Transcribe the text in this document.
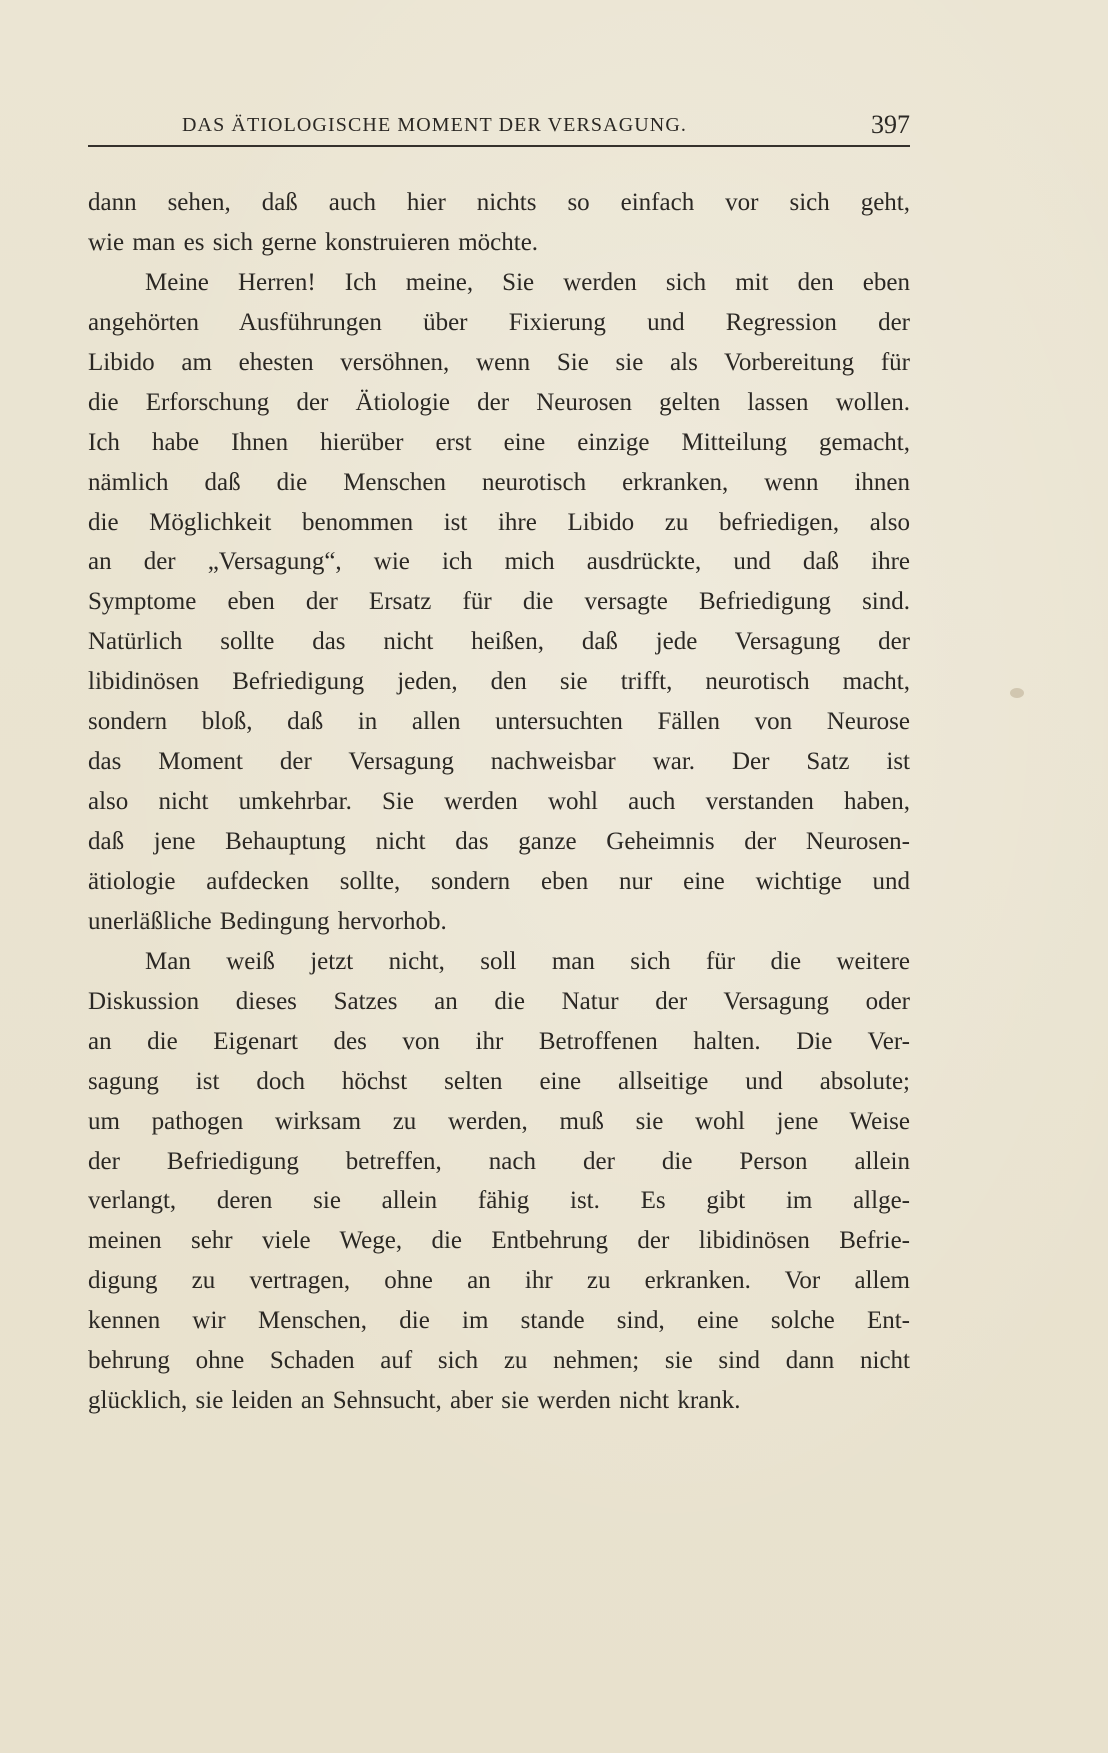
DAS ÄTIOLOGISCHE MOMENT DER VERSAGUNG.	397
dann sehen, daß auch hier nichts so einfach vor sich geht,
wie man es sich gerne konstruieren möchte.
Meine Herren! Ich meine, Sie werden sich mit den eben
angehörten Ausführungen über Fixierung und Regression der
Libido am ehesten versöhnen, wenn Sie sie als Vorbereitung für
die Erforschung der Ätiologie der Neurosen gelten lassen wollen.
Ich habe Ihnen hierüber erst eine einzige Mitteilung gemacht,
nämlich daß die Menschen neurotisch erkranken, wenn ihnen
die Möglichkeit benommen ist ihre Libido zu befriedigen, also
an der „Versagung“, wie ich mich ausdrückte, und daß ihre
Symptome eben der Ersatz für die versagte Befriedigung sind.
Natürlich sollte das nicht heißen, daß jede Versagung der
libidinösen Befriedigung jeden, den sie trifft, neurotisch macht,
sondern bloß, daß in allen untersuchten Fällen von Neurose
das Moment der Versagung nachweisbar war. Der Satz ist
also nicht umkehrbar. Sie werden wohl auch verstanden haben,
daß jene Behauptung nicht das ganze Geheimnis der Neurosen-
ätiologie aufdecken sollte, sondern eben nur eine wichtige und
unerläßliche Bedingung hervorhob.
Man weiß jetzt nicht, soll man sich für die weitere
Diskussion dieses Satzes an die Natur der Versagung oder
an die Eigenart des von ihr Betroffenen halten. Die Ver-
sagung ist doch höchst selten eine allseitige und absolute;
um pathogen wirksam zu werden, muß sie wohl jene Weise
der Befriedigung betreffen, nach der die Person allein
verlangt, deren sie allein fähig ist. Es gibt im allge-
meinen sehr viele Wege, die Entbehrung der libidinösen Befrie-
digung zu vertragen, ohne an ihr zu erkranken. Vor allem
kennen wir Menschen, die im stande sind, eine solche Ent-
behrung ohne Schaden auf sich zu nehmen; sie sind dann nicht
glücklich, sie leiden an Sehnsucht, aber sie werden nicht krank.
